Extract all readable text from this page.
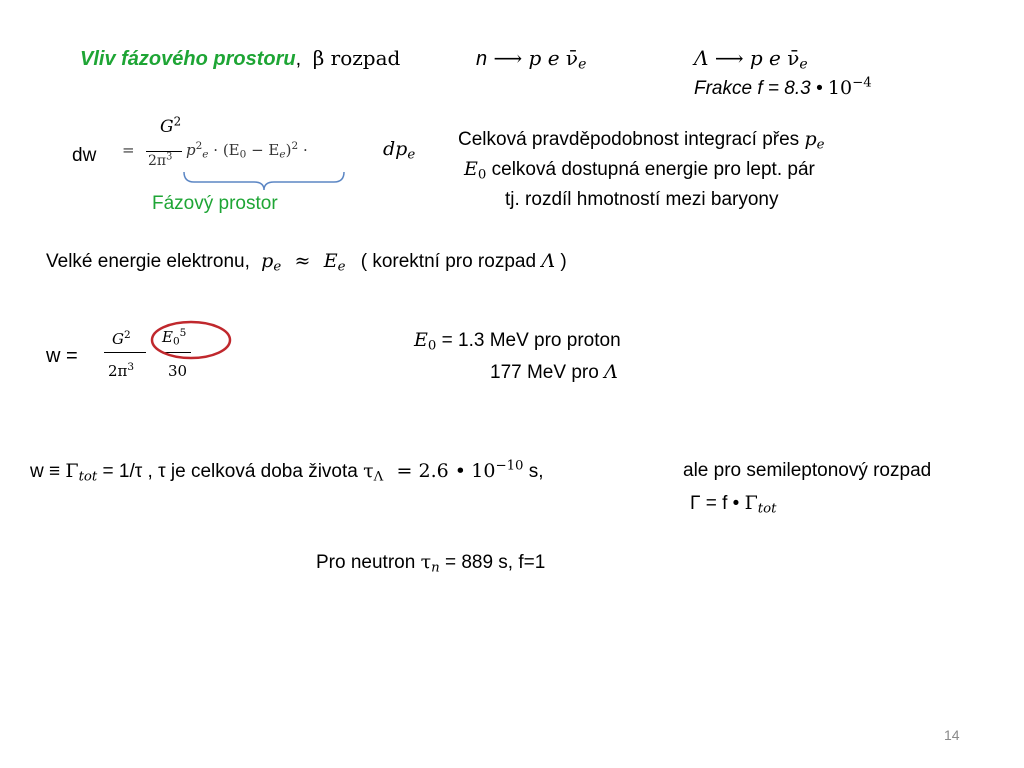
Vliv fázového prostoru, β rozpad	n ⟶ p e $\nū_e$	Λ ⟶ p e $\nū_e$
Frakce f = 8.3 • $10^{-4}$
dw
$G^2$
=
$2\pi^3$ $p^2_e \cdot (E_0 - E_e)^2$ ·	$dp_e$
Fázový prostor
Celková pravděpodobnost integrací přes $p_e$
$E_0$ celková dostupná energie pro lept. pár
tj. rozdíl hmotností mezi baryony
Velké energie elektronu, $p_e \approx E_e$ ( korektní pro rozpad Λ )
w =
$G^2$
$2\pi^3$
$E_0^5$
30
$E_0 = 1.3$ MeV pro proton
177 MeV pro Λ
$w \equiv \Gamma_{tot} = 1/\tau$ , τ je celková doba života $\tau_\Lambda = 2.6$ • $10^{-10}$ s,	ale pro semileptonový rozpad
Γ = f • $\Gamma_{tot}$
Pro neutron $\tau_n = 889$ s, f=1
14
